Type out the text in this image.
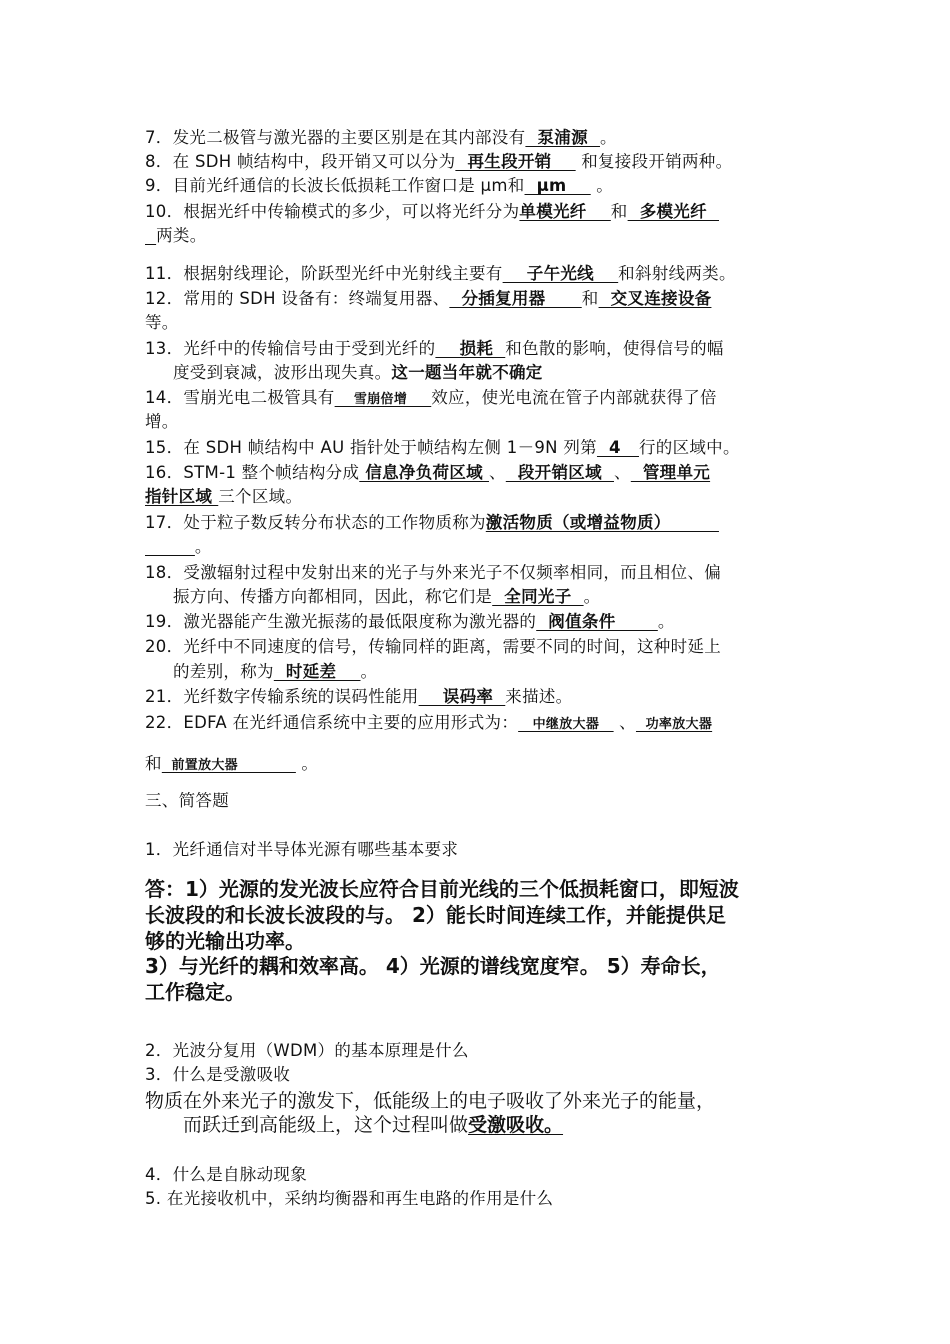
7．发光二极管与激光器的主要区别是在其内部没有  泵浦源  。
8．在 SDH 帧结构中，段开销又可以分为  再生段开销     和复接段开销两种。
9．目前光纤通信的长波长低损耗工作窗口是 μm和  μm     。
10．根据光纤中传输模式的多少，可以将光纤分为单模光纤    和  多模光纤
两类。
11．根据射线理论，阶跃型光纤中光射线主要有    子午光线    和斜射线两类。
12．常用的 SDH 设备有：终端复用器、  分插复用器      和  交叉连接设备
等。
13．光纤中的传输信号由于受到光纤的    损耗  和色散的影响，使得信号的幅
度受到衰减，波形出现失真。这一题当年就不确定
14．雪崩光电二极管具有    雪崩倍增     效应，使光电流在管子内部就获得了倍
增。
15．在 SDH 帧结构中 AU 指针处于帧结构左侧 1－9N 列第  4   行的区域中。
16．STM-1 整个帧结构分成 信息净负荷区域 、  段开销区域  、  管理单元
指针区域 三个区域。
17．处于粒子数反转分布状态的工作物质称为激活物质（或增益物质）
。
18．受激辐射过程中发射出来的光子与外来光子不仅频率相同，而且相位、偏
振方向、传播方向都相同，因此，称它们是  全同光子  。
19．激光器能产生激光振荡的最低限度称为激光器的  阀值条件       。
20．光纤中不同速度的信号，传输同样的距离，需要不同的时间，这种时延上
的差别，称为  时延差    。
21．光纤数字传输系统的误码性能用    误码率  来描述。
22．EDFA 在光纤通信系统中主要的应用形式为：   中继放大器    、  功率放大器
和  前置放大器             。
三、简答题
1．光纤通信对半导体光源有哪些基本要求
答：1）光源的发光波长应符合目前光线的三个低损耗窗口，即短波
长波段的和长波长波段的与。 2）能长时间连续工作，并能提供足
够的光输出功率。
3）与光纤的耦和效率高。 4）光源的谱线宽度窄。 5）寿命长，
工作稳定。
2．光波分复用（WDM）的基本原理是什么
3．什么是受激吸收
物质在外来光子的激发下，低能级上的电子吸收了外来光子的能量，
而跃迁到高能级上，这个过程叫做受激吸收。
4．什么是自脉动现象
5. 在光接收机中，采纳均衡器和再生电路的作用是什么
